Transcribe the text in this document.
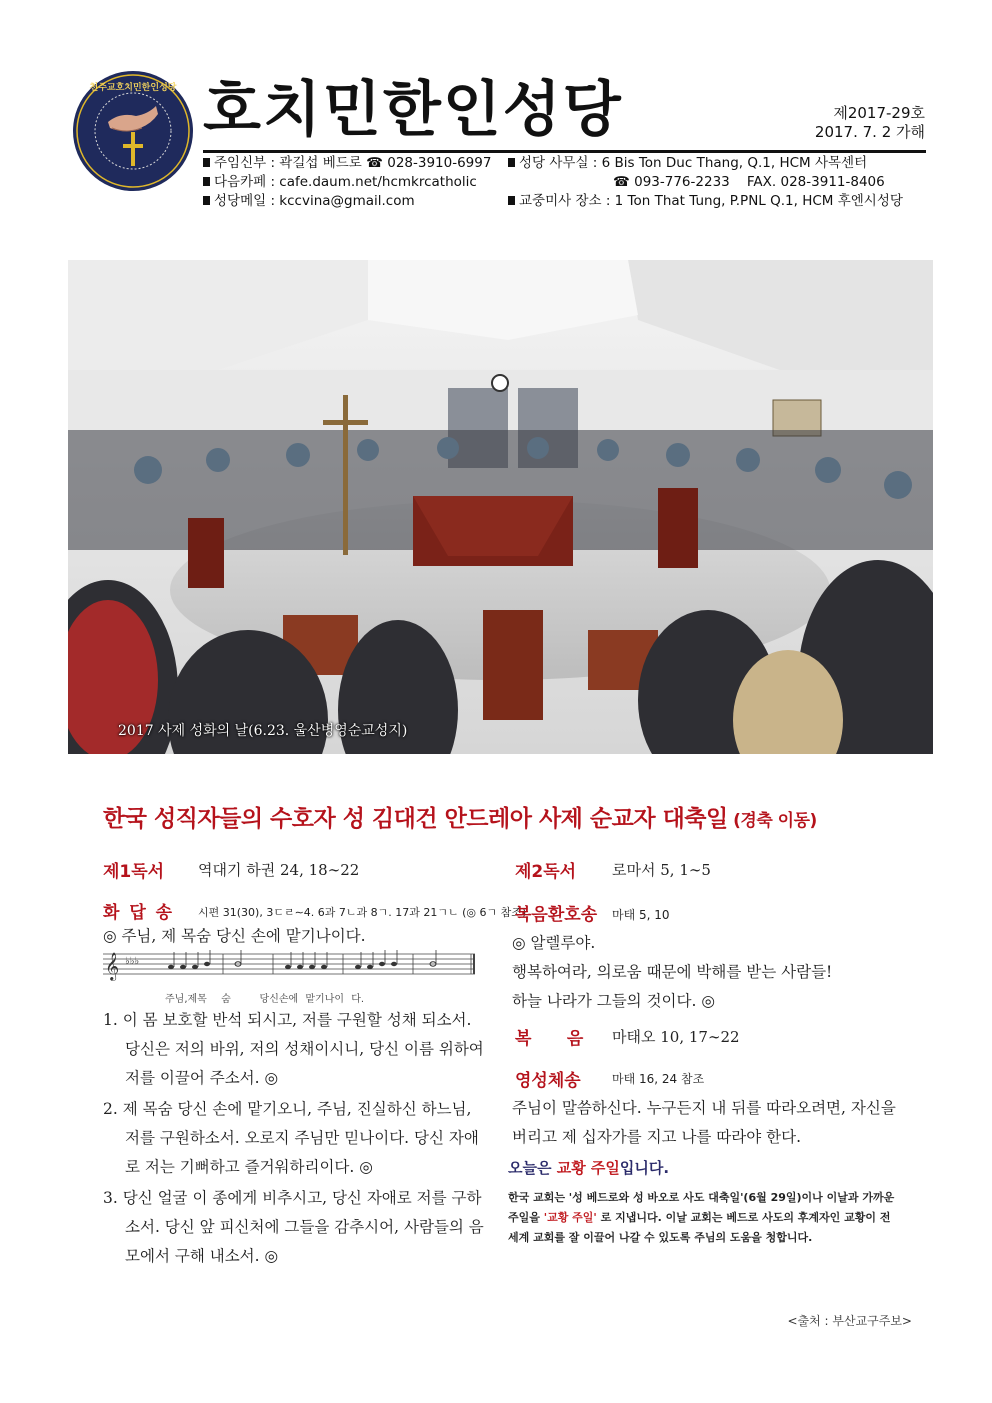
천주교호치민한인성당 호치민한인성당	제2017-29호
2017. 7. 2 가해
주임신부 : 곽길섭 베드로 ☎ 028-3910-6997	성당 사무실 : 6 Bis Ton Duc Thang, Q.1, HCM 사목센터
다음카페 : cafe.daum.net/hcmkrcatholic	☎ 093-776-2233    FAX. 028-3911-8406
성당메일 : kccvina@gmail.com	교중미사 장소 : 1 Ton That Tung, P.PNL Q.1, HCM 후엔시성당
2017 사제 성화의 날(6.23. 울산병영순교성지)
한국 성직자들의 수호자 성 김대건 안드레아 사제 순교자 대축일 (경축 이동)
제1독서 역대기 하권 24, 18∼22
화 답 송 시편 31(30), 3ㄷㄹ∼4. 6과 7ㄴ과 8ㄱ. 17과 21ㄱㄴ (◎ 6ㄱ 참조)
◎ 주님, 제 목숨 당신 손에 맡기나이다.
𝄞 ♭♭♭
주님,제목  숨    당신손에 맡기나이 다.
1. 이 몸 보호할 반석 되시고, 저를 구원할 성채 되소서. 당신은 저의 바위, 저의 성채이시니, 당신 이름 위하여 저를 이끌어 주소서. ◎
2. 제 목숨 당신 손에 맡기오니, 주님, 진실하신 하느님, 저를 구원하소서. 오로지 주님만 믿나이다. 당신 자애로 저는 기뻐하고 즐거워하리이다. ◎
3. 당신 얼굴 이 종에게 비추시고, 당신 자애로 저를 구하소서. 당신 앞 피신처에 그들을 감추시어, 사람들의 음모에서 구해 내소서. ◎
제2독서 로마서 5, 1∼5
복음환호송 마태 5, 10
◎ 알렐루야.
행복하여라, 의로움 때문에 박해를 받는 사람들!
하늘 나라가 그들의 것이다. ◎
복      음 마태오 10, 17∼22
영성체송	마태 16, 24 참조
주님이 말씀하신다. 누구든지 내 뒤를 따라오려면, 자신을 버리고 제 십자가를 지고 나를 따라야 한다.
오늘은 교황 주일입니다.
한국 교회는 '성 베드로와 성 바오로 사도 대축일'(6월 29일)이나 이날과 가까운 주일을 '교황 주일' 로 지냅니다. 이날 교회는 베드로 사도의 후계자인 교황이 전 세계 교회를 잘 이끌어 나갈 수 있도록 주님의 도움을 청합니다.
<출처 : 부산교구주보>
